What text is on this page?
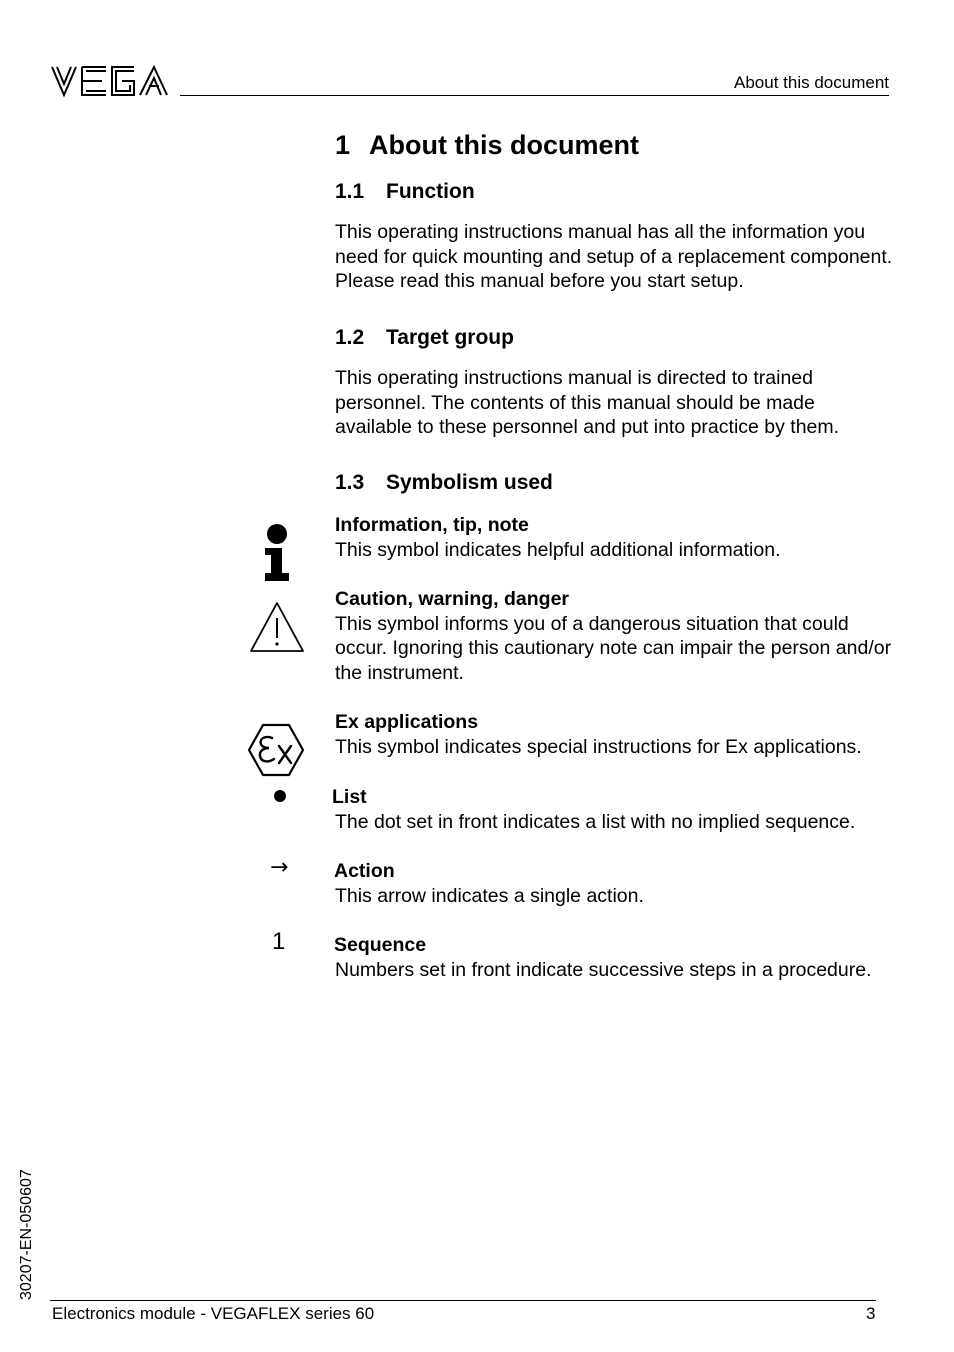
About this document
1 About this document
1.1 Function
This operating instructions manual has all the information you need for quick mounting and setup of a replacement component. Please read this manual before you start setup.
1.2 Target group
This operating instructions manual is directed to trained personnel. The contents of this manual should be made available to these personnel and put into practice by them.
1.3 Symbolism used
Information, tip, note
This symbol indicates helpful additional information.
Caution, warning, danger
This symbol informs you of a dangerous situation that could occur. Ignoring this cautionary note can impair the person and/or the instrument.
Ex applications
This symbol indicates special instructions for Ex applications.
List
The dot set in front indicates a list with no implied sequence.
→ Action
This arrow indicates a single action.
1 Sequence
Numbers set in front indicate successive steps in a procedure.
30207-EN-050607
Electronics module - VEGAFLEX series 60	3
